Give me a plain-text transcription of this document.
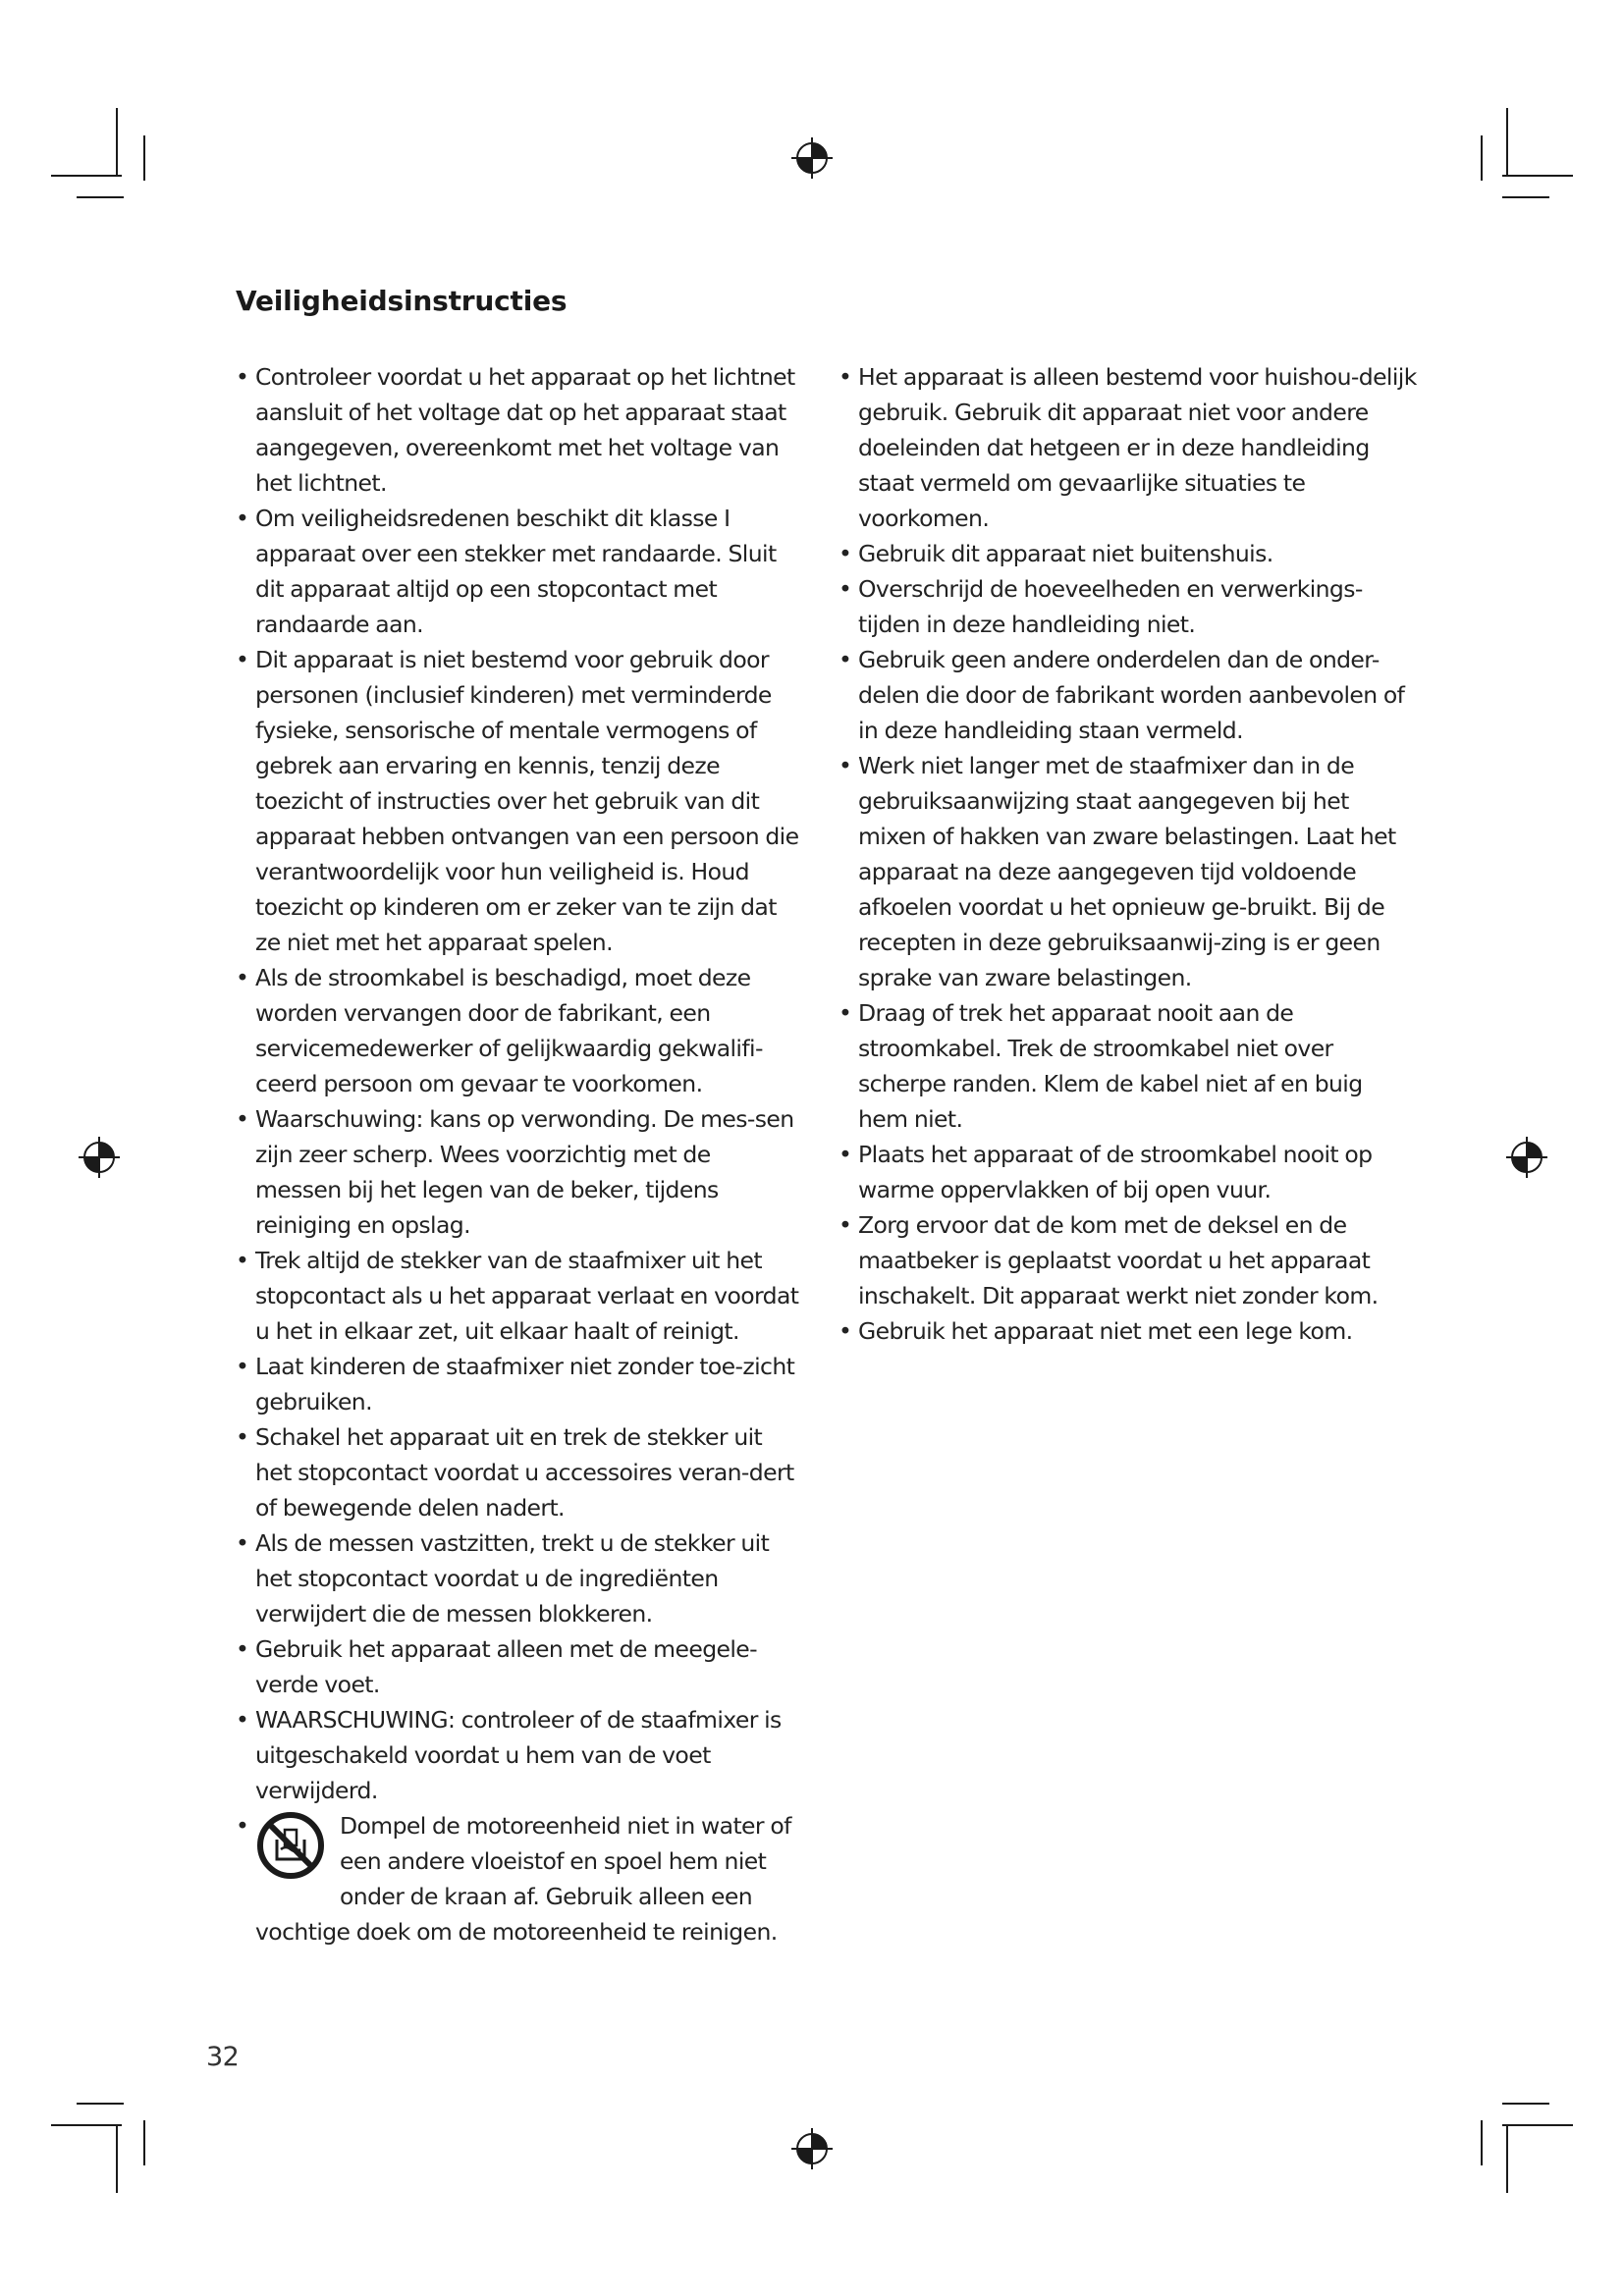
Veiligheidsinstructies
• Controleer voordat u het apparaat op het lichtnet aansluit of het voltage dat op het apparaat staat aangegeven, overeenkomt met het voltage van het lichtnet.
• Om veiligheidsredenen beschikt dit klasse I apparaat over een stekker met randaarde. Sluit dit apparaat altijd op een stopcontact met randaarde aan.
• Dit apparaat is niet bestemd voor gebruik door personen (inclusief kinderen) met verminderde fysieke, sensorische of mentale vermogens of gebrek aan ervaring en kennis, tenzij deze toezicht of instructies over het gebruik van dit apparaat hebben ontvangen van een persoon die verantwoordelijk voor hun veiligheid is. Houd toezicht op kinderen om er zeker van te zijn dat ze niet met het apparaat spelen.
• Als de stroomkabel is beschadigd, moet deze worden vervangen door de fabrikant, een servicemedewerker of gelijkwaardig gekwalifi-ceerd persoon om gevaar te voorkomen.
• Waarschuwing: kans op verwonding. De mes-sen zijn zeer scherp. Wees voorzichtig met de messen bij het legen van de beker, tijdens reiniging en opslag.
• Trek altijd de stekker van de staafmixer uit het stopcontact als u het apparaat verlaat en voordat u het in elkaar zet, uit elkaar haalt of reinigt.
• Laat kinderen de staafmixer niet zonder toe-zicht gebruiken.
• Schakel het apparaat uit en trek de stekker uit het stopcontact voordat u accessoires veran-dert of bewegende delen nadert.
• Als de messen vastzitten, trekt u de stekker uit het stopcontact voordat u de ingrediënten verwijdert die de messen blokkeren.
• Gebruik het apparaat alleen met de meegele-verde voet.
• WAARSCHUWING: controleer of de staafmixer is uitgeschakeld voordat u hem van de voet verwijderd.
• Dompel de motoreenheid niet in water of een andere vloeistof en spoel hem niet onder de kraan af. Gebruik alleen een vochtige doek om de motoreenheid te reinigen.
• Het apparaat is alleen bestemd voor huishou-delijk gebruik. Gebruik dit apparaat niet voor andere doeleinden dat hetgeen er in deze handleiding staat vermeld om gevaarlijke situaties te voorkomen.
• Gebruik dit apparaat niet buitenshuis.
• Overschrijd de hoeveelheden en verwerkings-tijden in deze handleiding niet.
• Gebruik geen andere onderdelen dan de onder-delen die door de fabrikant worden aanbevolen of in deze handleiding staan vermeld.
• Werk niet langer met de staafmixer dan in de gebruiksaanwijzing staat aangegeven bij het mixen of hakken van zware belastingen. Laat het apparaat na deze aangegeven tijd voldoende afkoelen voordat u het opnieuw ge-bruikt. Bij de recepten in deze gebruiksaanwij-zing is er geen sprake van zware belastingen.
• Draag of trek het apparaat nooit aan de stroomkabel. Trek de stroomkabel niet over scherpe randen. Klem de kabel niet af en buig hem niet.
• Plaats het apparaat of de stroomkabel nooit op warme oppervlakken of bij open vuur.
• Zorg ervoor dat de kom met de deksel en de maatbeker is geplaatst voordat u het apparaat inschakelt. Dit apparaat werkt niet zonder kom.
• Gebruik het apparaat niet met een lege kom.
32
